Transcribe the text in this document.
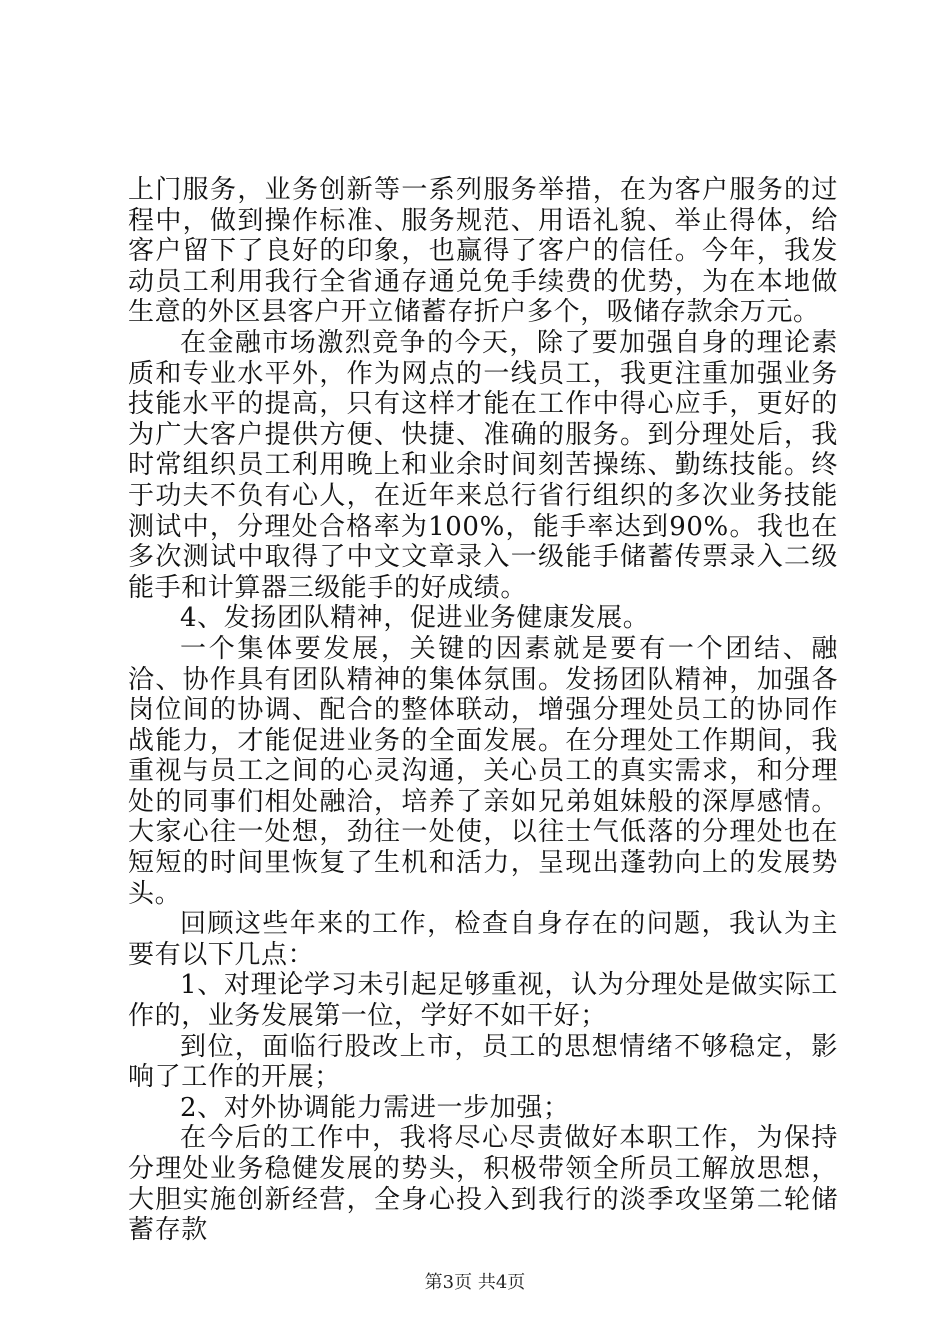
上门服务，业务创新等一系列服务举措，在为客户服务的过程中，做到操作标准、服务规范、用语礼貌、举止得体，给客户留下了良好的印象，也赢得了客户的信任。今年，我发动员工利用我行全省通存通兑免手续费的优势，为在本地做生意的外区县客户开立储蓄存折户多个，吸储存款余万元。

在金融市场激烈竞争的今天，除了要加强自身的理论素质和专业水平外，作为网点的一线员工，我更注重加强业务技能水平的提高，只有这样才能在工作中得心应手，更好的为广大客户提供方便、快捷、准确的服务。到分理处后，我时常组织员工利用晚上和业余时间刻苦操练、勤练技能。终于功夫不负有心人，在近年来总行省行组织的多次业务技能测试中，分理处合格率为100%，能手率达到90%。我也在多次测试中取得了中文文章录入一级能手储蓄传票录入二级能手和计算器三级能手的好成绩。

4、发扬团队精神，促进业务健康发展。

一个集体要发展，关键的因素就是要有一个团结、融洽、协作具有团队精神的集体氛围。发扬团队精神，加强各岗位间的协调、配合的整体联动，增强分理处员工的协同作战能力，才能促进业务的全面发展。在分理处工作期间，我重视与员工之间的心灵沟通，关心员工的真实需求，和分理处的同事们相处融洽，培养了亲如兄弟姐妹般的深厚感情。大家心往一处想，劲往一处使，以往士气低落的分理处也在短短的时间里恢复了生机和活力，呈现出蓬勃向上的发展势头。

回顾这些年来的工作，检查自身存在的问题，我认为主要有以下几点：

1、对理论学习未引起足够重视，认为分理处是做实际工作的，业务发展第一位，学好不如干好；

到位，面临行股改上市，员工的思想情绪不够稳定，影响了工作的开展；

2、对外协调能力需进一步加强；

在今后的工作中，我将尽心尽责做好本职工作，为保持分理处业务稳健发展的势头，积极带领全所员工解放思想，大胆实施创新经营，全身心投入到我行的淡季攻坚第二轮储蓄存款

第3页 共4页
